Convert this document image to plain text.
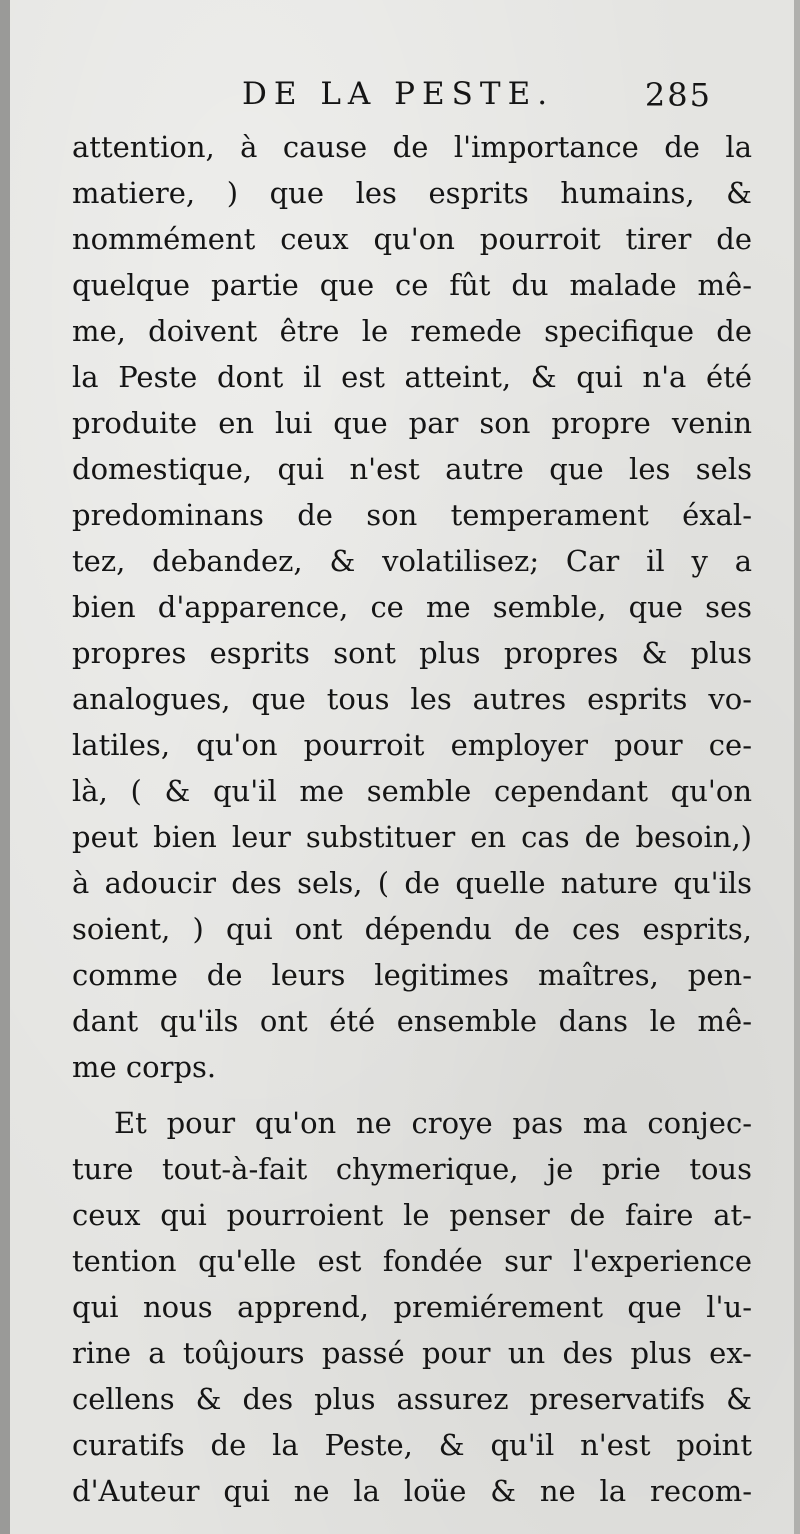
DE LA PESTE.	285
attention, à cause de l'importance de la
matiere, ) que les esprits humains, &
nommément ceux qu'on pourroit tirer de
quelque partie que ce fût du malade mê-
me, doivent être le remede specifique de
la Peste dont il est atteint, & qui n'a été
produite en lui que par son propre venin
domestique, qui n'est autre que les sels
predominans de son temperament éxal-
tez, debandez, & volatilisez; Car il y a
bien d'apparence, ce me semble, que ses
propres esprits sont plus propres & plus
analogues, que tous les autres esprits vo-
latiles, qu'on pourroit employer pour ce-
là, ( & qu'il me semble cependant qu'on
peut bien leur substituer en cas de besoin,)
à adoucir des sels, ( de quelle nature qu'ils
soient, ) qui ont dépendu de ces esprits,
comme de leurs legitimes maîtres, pen-
dant qu'ils ont été ensemble dans le mê-
me corps.
Et pour qu'on ne croye pas ma conjec-
ture tout-à-fait chymerique, je prie tous
ceux qui pourroient le penser de faire at-
tention qu'elle est fondée sur l'experience
qui nous apprend, premiérement que l'u-
rine a toûjours passé pour un des plus ex-
cellens & des plus assurez preservatifs &
curatifs de la Peste, & qu'il n'est point
d'Auteur qui ne la loüe & ne la recom-
